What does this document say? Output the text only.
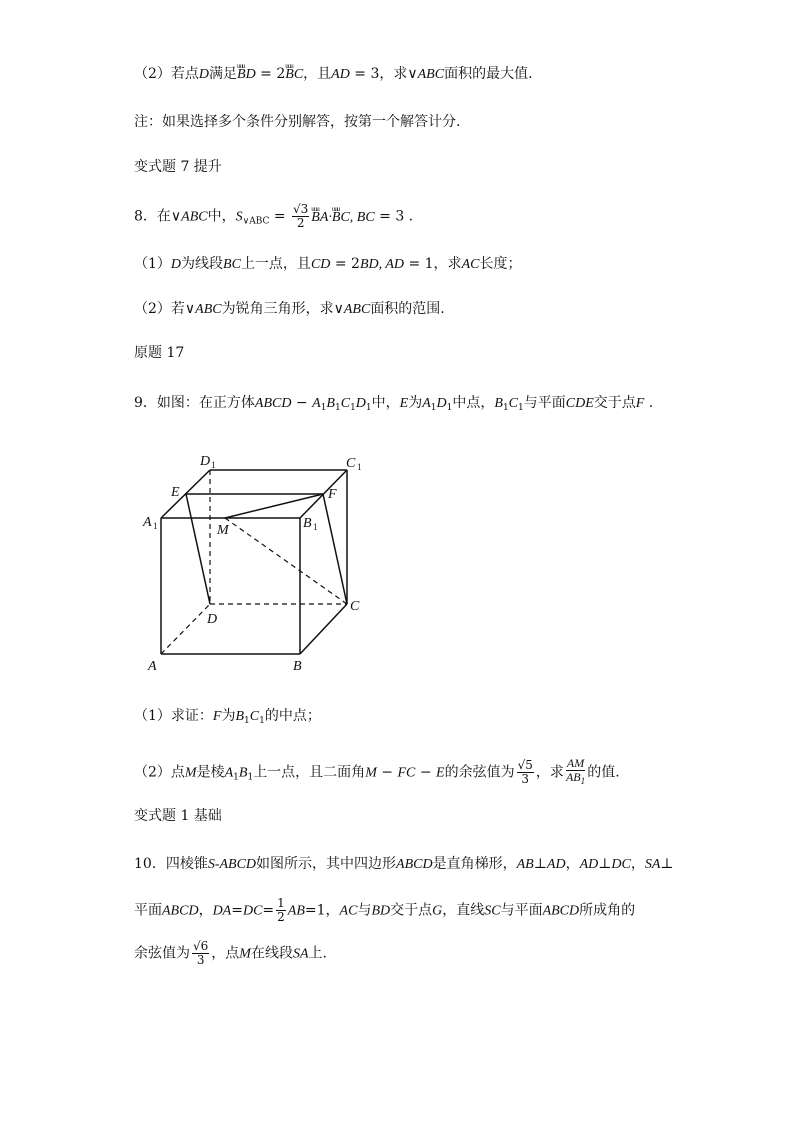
（2）若点D满足uuu BD = 2uuu BC，且AD = 3，求∨ABC面积的最大值.
注：如果选择多个条件分别解答，按第一个解答计分.
变式题 7 提升
8．在∨ABC中，$S_{\vee ABC} = \frac{√3}{2}$
uuu BA·uuu BC, BC = 3 .
（1）D为线段BC上一点，且CD = 2BD, AD = 1，求AC长度；
（2）若∨ABC为锐角三角形，求∨ABC面积的范围.
原题 17
9．如图：在正方体ABCD − $A_1B_1C_1D_1$中，E为$A_1D_1$中点，$B_1C_1$与平面CDE交于点F .
D 1	C 1
E	F
A 1	M	B 1
D
C
A	B
（1）求证：F为$B_1C_1$的中点；
（2）点M是棱$A_1B_1$上一点，且二面角M − FC − E的余弦值为 $\frac{√5}{3}$ ，求 $\frac{AM}{AB_1}$ 的值.
变式题 1 基础
10．四棱锥S-ABCD如图所示，其中四边形ABCD是直角梯形，AB⊥AD，AD⊥DC，SA⊥
平面ABCD，$DA=DC= \frac{1}{2} AB=1$，AC与BD交于点G，直线SC与平面ABCD所成角的
余弦值为 $\frac{√6}{3}$ ，点M在线段SA上.
